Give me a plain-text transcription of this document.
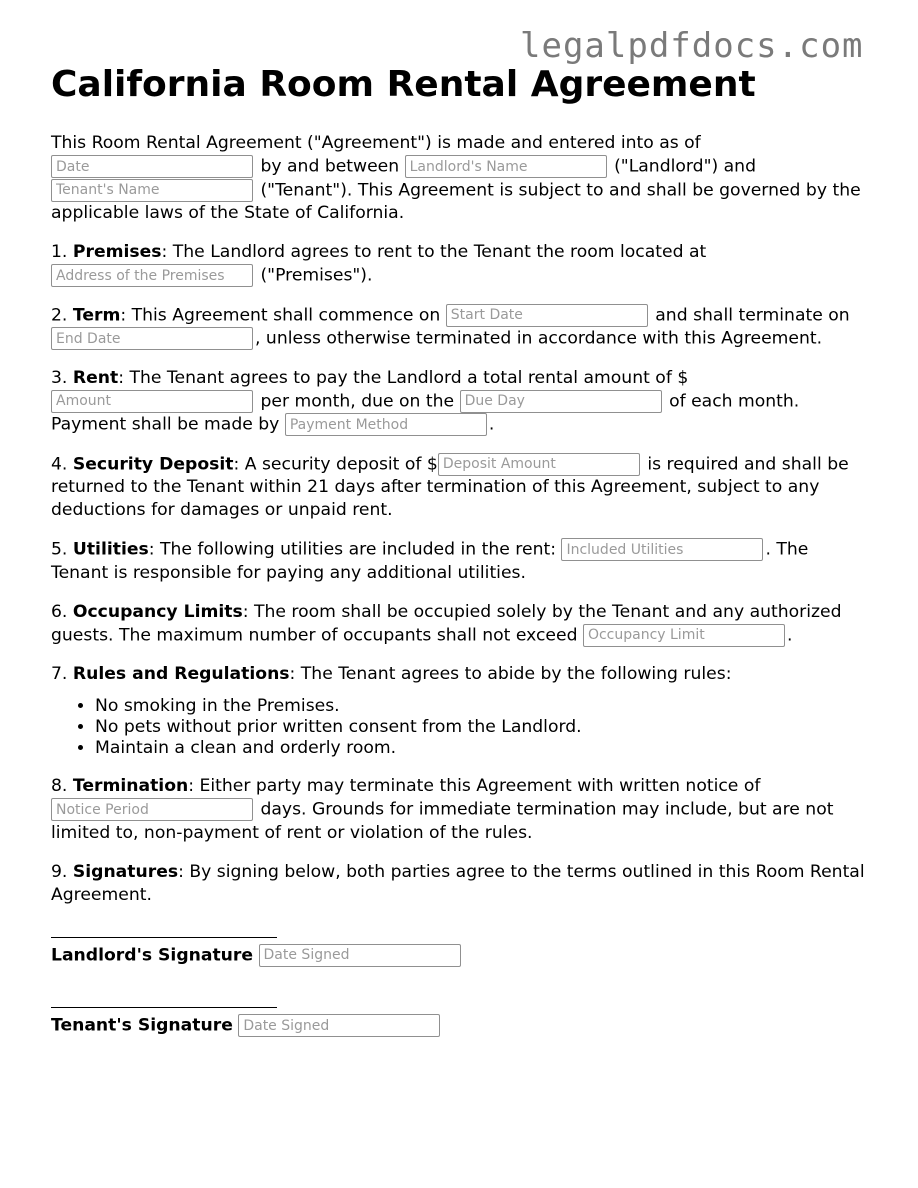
legalpdfdocs.com
California Room Rental Agreement

This Room Rental Agreement ("Agreement") is made and entered into as of Date by and between Landlord's Name	("Landlord") and Tenant's Name ("Tenant"). This Agreement is subject to and shall be governed by the applicable laws of the State of California.

1. Premises: The Landlord agrees to rent to the Tenant the room located at Address of the Premises ("Premises").

2. Term: This Agreement shall commence on Start Date	and shall terminate on End Date, unless otherwise terminated in accordance with this Agreement.

3. Rent: The Tenant agrees to pay the Landlord a total rental amount of $ Amount per month, due on the Due Day	of each month. Payment shall be made by Payment Method	.

4. Security Deposit: A security deposit of $Deposit Amount	is required and shall be returned to the Tenant within 21 days after termination of this Agreement, subject to any deductions for damages or unpaid rent.

5. Utilities: The following utilities are included in the rent: Included Utilities	. The Tenant is responsible for paying any additional utilities.

6. Occupancy Limits: The room shall be occupied solely by the Tenant and any authorized guests. The maximum number of occupants shall not exceed Occupancy Limit	.

7. Rules and Regulations: The Tenant agrees to abide by the following rules:

• No smoking in the Premises.
• No pets without prior written consent from the Landlord.
• Maintain a clean and orderly room.

8. Termination: Either party may terminate this Agreement with written notice of Notice Period days. Grounds for immediate termination may include, but are not limited to, non-payment of rent or violation of the rules.

9. Signatures: By signing below, both parties agree to the terms outlined in this Room Rental Agreement.

Landlord's Signature Date Signed
Tenant's Signature Date Signed
